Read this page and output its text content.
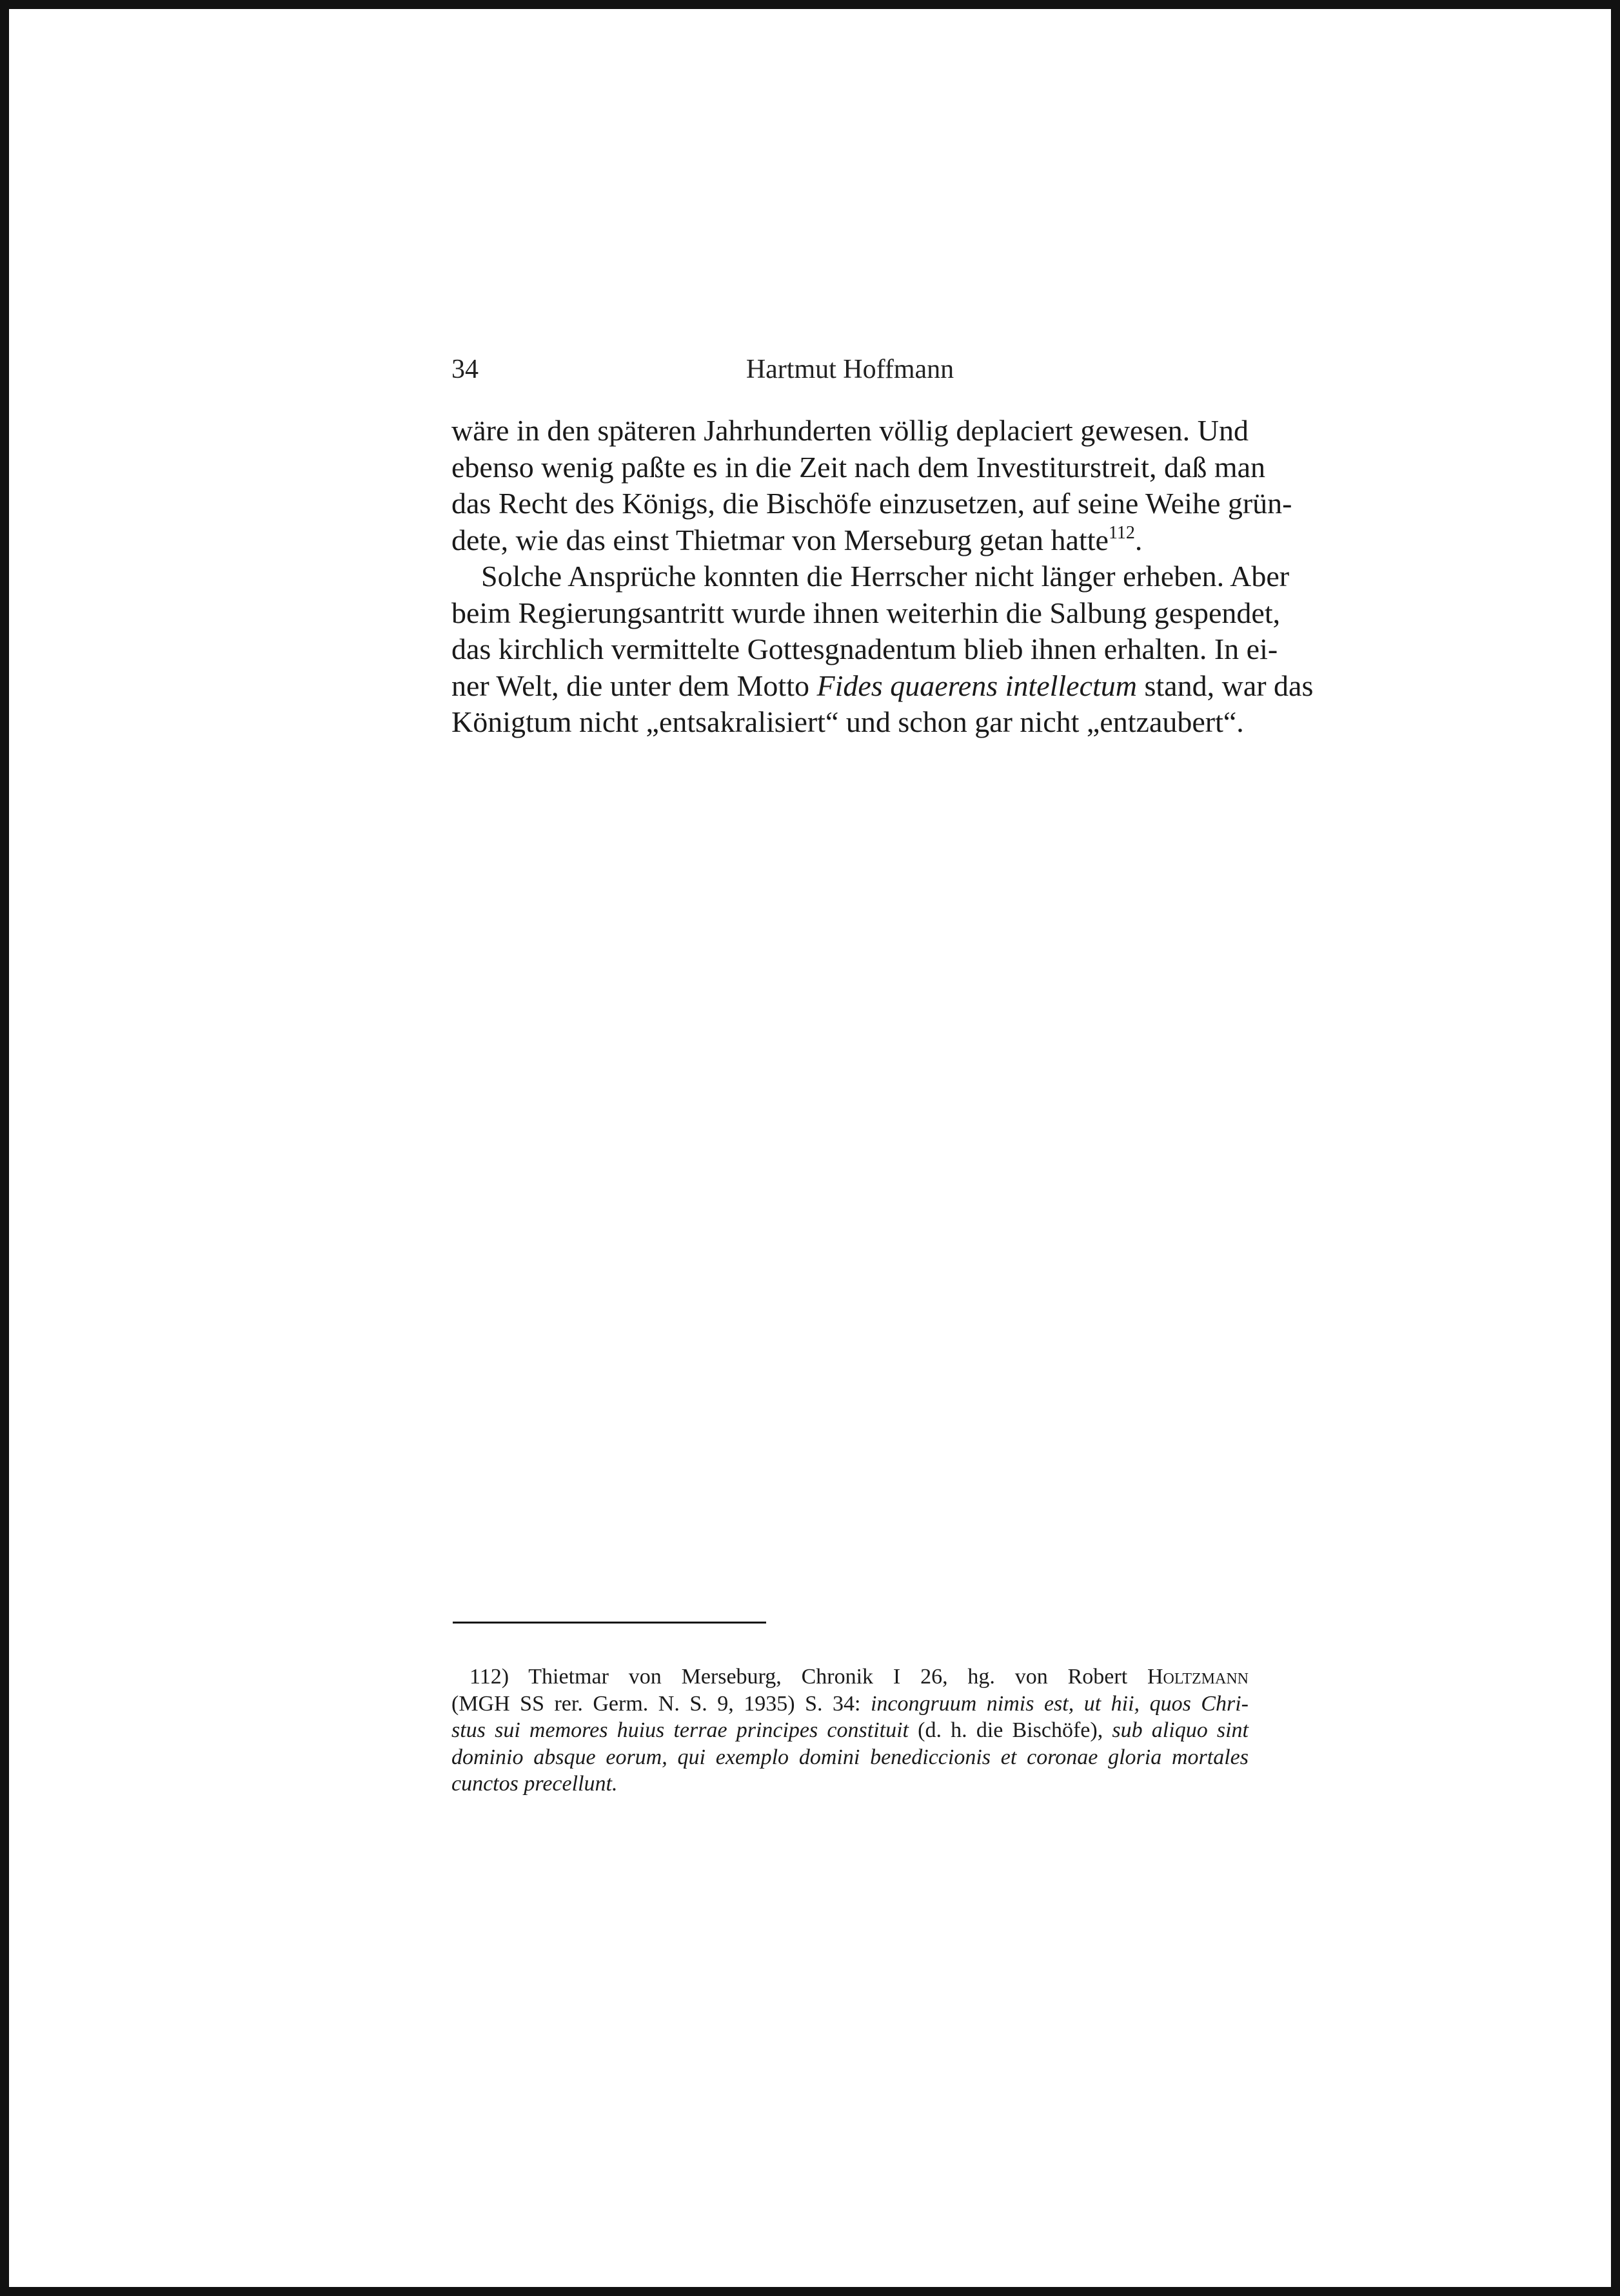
34	Hartmut Hoffmann
wäre in den späteren Jahrhunderten völlig deplaciert gewesen. Und
ebenso wenig paßte es in die Zeit nach dem Investiturstreit, daß man
das Recht des Königs, die Bischöfe einzusetzen, auf seine Weihe grün-
dete, wie das einst Thietmar von Merseburg getan hatte$^{112}$.
Solche Ansprüche konnten die Herrscher nicht länger erheben. Aber
beim Regierungsantritt wurde ihnen weiterhin die Salbung gespendet,
das kirchlich vermittelte Gottesgnadentum blieb ihnen erhalten. In ei-
ner Welt, die unter dem Motto Fides quaerens intellectum stand, war das
Königtum nicht „entsakralisiert“ und schon gar nicht „entzaubert“.
112) Thietmar von Merseburg, Chronik I 26, hg. von Robert Holtzmann
(MGH SS rer. Germ. N. S. 9, 1935) S. 34: incongruum nimis est, ut hii, quos Chri-
stus sui memores huius terrae principes constituit (d. h. die Bischöfe), sub aliquo sint
dominio absque eorum, qui exemplo domini benediccionis et coronae gloria mortales
cunctos precellunt.
